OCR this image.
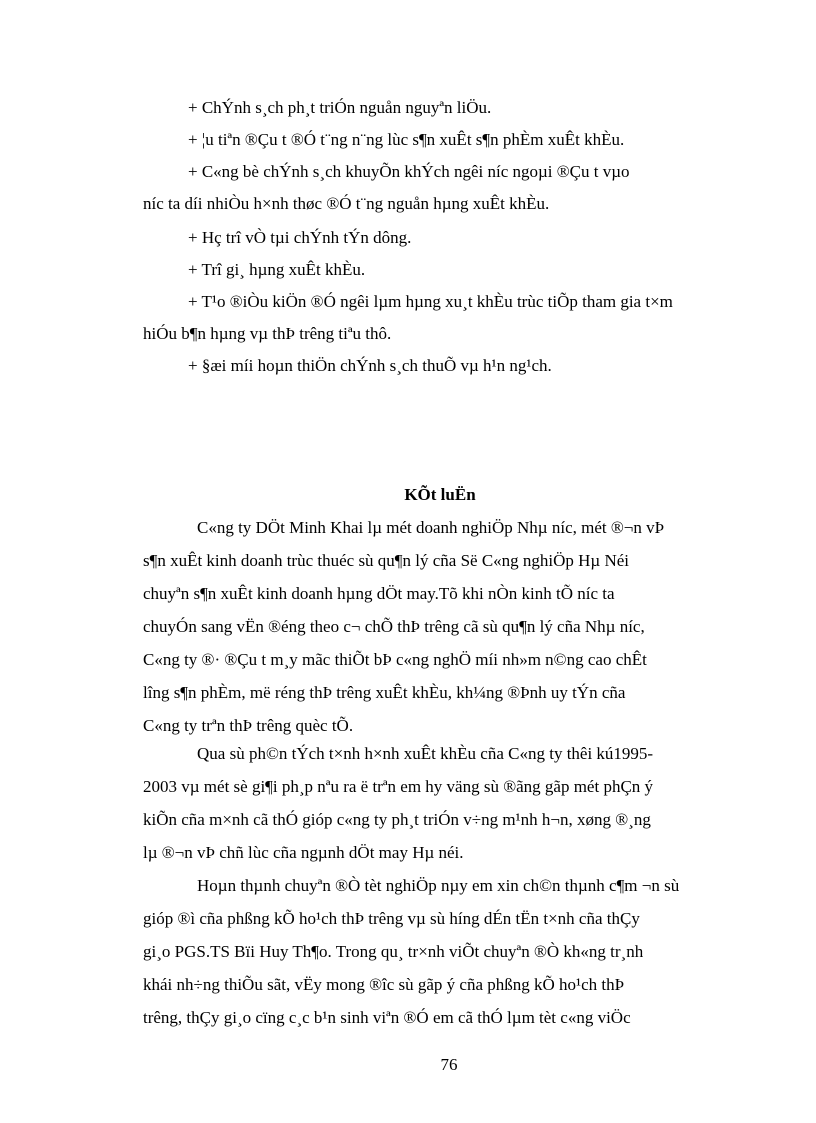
+ ChÝnh s¸ch ph¸t triÓn nguån nguyªn liÖu.
+ ¦u tiªn ®Çu t ®Ó t¨ng n¨ng lùc s¶n xuÊt s¶n phÈm xuÊt khÈu.
+ C«ng bè chÝnh s¸ch khuyÕn khÝch ngêi níc ngoµi ®Çu t vµo
níc ta díi nhiÒu h×nh thøc ®Ó t¨ng nguån hµng xuÊt khÈu.
+ Hç trî vÒ tµi chÝnh tÝn dông.
+ Trî gi¸ hµng xuÊt khÈu.
+ T¹o ®iÒu kiÖn ®Ó ngêi lµm hµng xu¸t khÈu trùc tiÕp tham gia t×m
hiÓu b¶n hµng vµ thÞ trêng tiªu thô.
+ §æi míi hoµn thiÖn chÝnh s¸ch thuÕ vµ h¹n ng¹ch.
KÕt luËn
C«ng ty DÖt Minh Khai lµ mét doanh nghiÖp Nhµ níc, mét ®¬n vÞ
s¶n xuÊt kinh doanh trùc thuéc sù qu¶n lý cña Së C«ng nghiÖp Hµ Néi
chuyªn s¶n xuÊt kinh doanh hµng dÖt may.Tõ khi nÒn kinh tÕ níc ta
chuyÓn sang vËn ®éng theo c¬ chÕ thÞ trêng cã sù qu¶n lý cña Nhµ níc,
C«ng ty ®· ®Çu t m¸y mãc thiÕt bÞ c«ng nghÖ míi nh»m n©ng cao chÊt
lîng s¶n phÈm, më réng thÞ trêng xuÊt khÈu, kh¼ng ®Þnh uy tÝn cña
C«ng ty trªn thÞ trêng quèc tÕ.
Qua sù ph©n tÝch t×nh h×nh xuÊt khÈu cña C«ng ty thêi kú1995-
2003 vµ mét sè gi¶i ph¸p nªu ra ë trªn em hy väng sù ®ãng gãp mét phÇn ý
kiÕn cña m×nh cã thÓ gióp c«ng ty ph¸t triÓn v÷ng m¹nh h¬n, xøng ®¸ng
lµ ®¬n vÞ chñ lùc cña ngµnh dÖt may Hµ néi.
Hoµn thµnh chuyªn ®Ò tèt nghiÖp nµy em xin ch©n thµnh c¶m ¬n sù
gióp ®ì cña phßng kÕ ho¹ch thÞ trêng vµ sù híng dÉn tËn t×nh cña thÇy
gi¸o PGS.TS Bïi Huy Th¶o. Trong qu¸ tr×nh viÕt chuyªn ®Ò kh«ng tr¸nh
khái nh÷ng thiÕu sãt, vËy mong ®îc sù gãp ý cña phßng kÕ ho¹ch thÞ
trêng, thÇy gi¸o cïng c¸c b¹n sinh viªn ®Ó em cã thÓ lµm tèt c«ng viÖc
76
